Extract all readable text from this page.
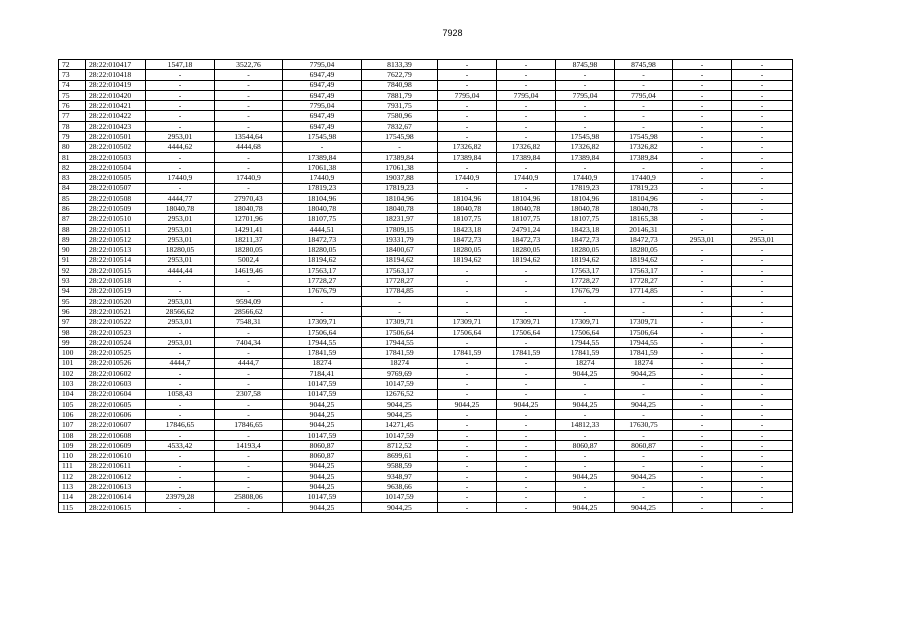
7928
72	28:22:010417	1547,18	3522,76	7795,04	8133,39	-	-	8745,98	8745,98	-	-
73	28:22:010418	-	-	6947,49	7622,79	-	-	-	-	-	-
74	28:22:010419	-	-	6947,49	7840,98	-	-	-	-	-	-
75	28:22:010420	-	-	6947,49	7881,79	7795,04	7795,04	7795,04	7795,04	-	-
76	28:22:010421	-	-	7795,04	7931,75	-	-	-	-	-	-
77	28:22:010422	-	-	6947,49	7580,96	-	-	-	-	-	-
78	28:22:010423	-	-	6947,49	7832,67	-	-	-	-	-	-
79	28:22:010501	2953,01	13544,64	17545,98	17545,98	-	-	17545,98	17545,98	-	-
80	28:22:010502	4444,62	4444,68	-	-	17326,82	17326,82	17326,82	17326,82	-	-
81	28:22:010503	-	-	17389,84	17389,84	17389,84	17389,84	17389,84	17389,84	-	-
82	28:22:010504	-	-	17061,38	17061,38	-	-	-	-	-	-
83	28:22:010505	17440,9	17440,9	17440,9	19037,88	17440,9	17440,9	17440,9	17440,9	-	-
84	28:22:010507	-	-	17819,23	17819,23	-	-	17819,23	17819,23	-	-
85	28:22:010508	4444,77	27970,43	18104,96	18104,96	18104,96	18104,96	18104,96	18104,96	-	-
86	28:22:010509	18040,78	18040,78	18040,78	18040,78	18040,78	18040,78	18040,78	18040,78	-	-
87	28:22:010510	2953,01	12701,96	18107,75	18231,97	18107,75	18107,75	18107,75	18165,38	-	-
88	28:22:010511	2953,01	14291,41	4444,51	17809,15	18423,18	24791,24	18423,18	20146,31	-	-
89	28:22:010512	2953,01	18211,37	18472,73	19331,79	18472,73	18472,73	18472,73	18472,73	2953,01	2953,01
90	28:22:010513	18280,05	18280,05	18280,05	18400,67	18280,05	18280,05	18280,05	18280,05	-	-
91	28:22:010514	2953,01	5002,4	18194,62	18194,62	18194,62	18194,62	18194,62	18194,62	-	-
92	28:22:010515	4444,44	14619,46	17563,17	17563,17	-	-	17563,17	17563,17	-	-
93	28:22:010518	-	-	17728,27	17728,27	-	-	17728,27	17728,27	-	-
94	28:22:010519	-	-	17676,79	17784,85	-	-	17676,79	17714,85	-	-
95	28:22:010520	2953,01	9594,09	-	-	-	-	-	-	-	-
96	28:22:010521	28566,62	28566,62	-	-	-	-	-	-	-	-
97	28:22:010522	2953,01	7548,31	17309,71	17309,71	17309,71	17309,71	17309,71	17309,71	-	-
98	28:22:010523	-	-	17506,64	17506,64	17506,64	17506,64	17506,64	17506,64	-	-
99	28:22:010524	2953,01	7404,34	17944,55	17944,55	-	-	17944,55	17944,55	-	-
100	28:22:010525	-	-	17841,59	17841,59	17841,59	17841,59	17841,59	17841,59	-	-
101	28:22:010526	4444,7	4444,7	18274	18274	-	-	18274	18274	-	-
102	28:22:010602	-	-	7184,41	9769,69	-	-	9044,25	9044,25	-	-
103	28:22:010603	-	-	10147,59	10147,59	-	-	-	-	-	-
104	28:22:010604	1058,43	2307,58	10147,59	12676,52	-	-	-	-	-	-
105	28:22:010605	-	-	9044,25	9044,25	9044,25	9044,25	9044,25	9044,25	-	-
106	28:22:010606	-	-	9044,25	9044,25	-	-	-	-	-	-
107	28:22:010607	17846,65	17846,65	9044,25	14271,45	-	-	14812,33	17630,75	-	-
108	28:22:010608	-	-	10147,59	10147,59	-	-	-	-	-	-
109	28:22:010609	4533,42	14193,4	8060,87	8712,52	-	-	8060,87	8060,87	-	-
110	28:22:010610	-	-	8060,87	8699,61	-	-	-	-	-	-
111	28:22:010611	-	-	9044,25	9588,59	-	-	-	-	-	-
112	28:22:010612	-	-	9044,25	9348,97	-	-	9044,25	9044,25	-	-
113	28:22:010613	-	-	9044,25	9638,66	-	-	-	-	-	-
114	28:22:010614	23979,28	25808,06	10147,59	10147,59	-	-	-	-	-	-
115	28:22:010615	-	-	9044,25	9044,25	-	-	9044,25	9044,25	-	-
